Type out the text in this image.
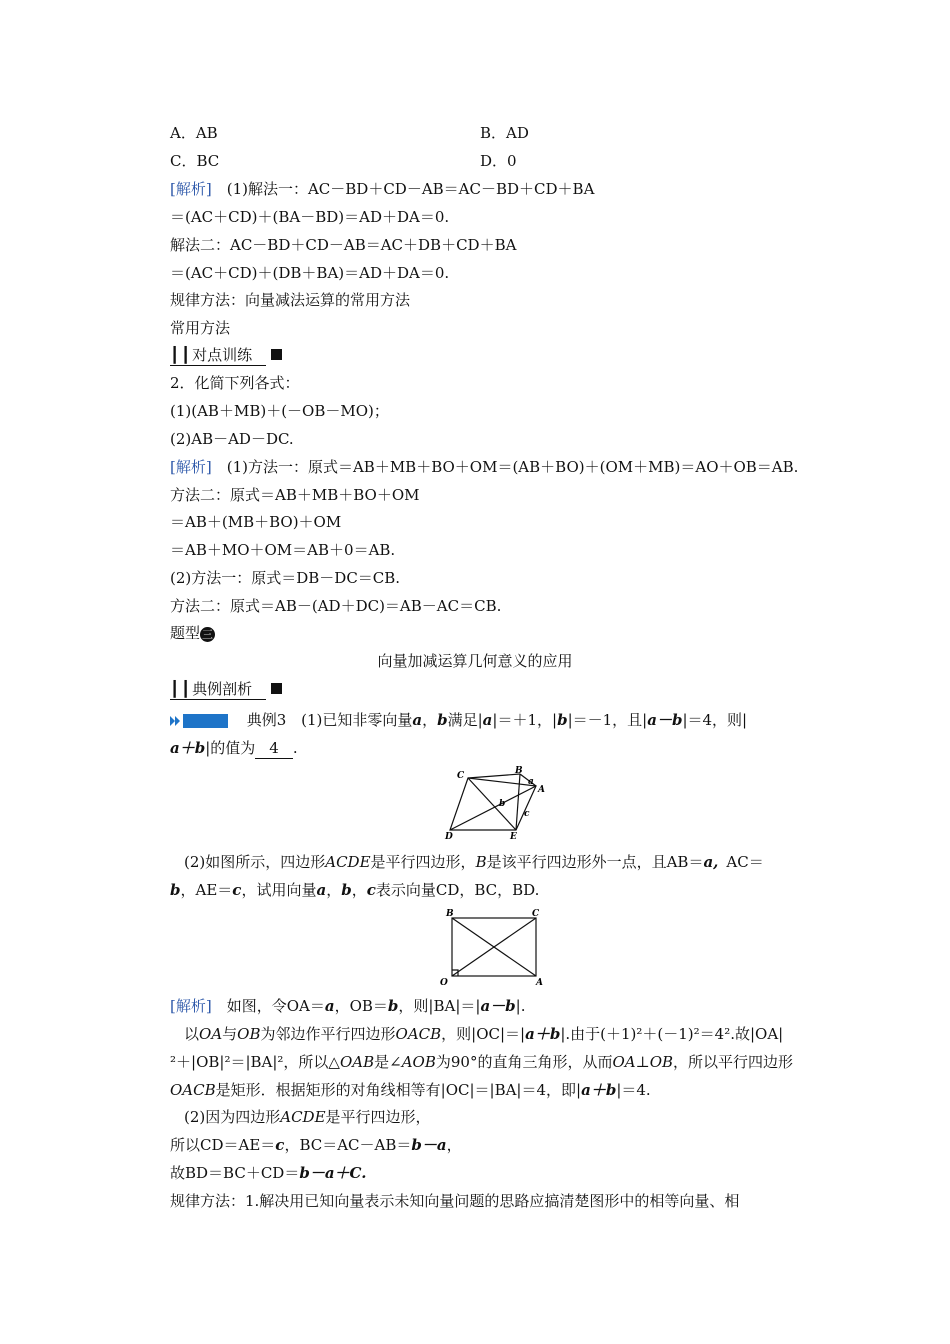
A．AB	B．AD
C．BC	D．0
[解析]　(1)解法一：AC－BD＋CD－AB＝AC－BD＋CD＋BA
＝(AC＋CD)＋(BA－BD)＝AD＋DA＝0.
解法二：AC－BD＋CD－AB＝AC＋DB＋CD＋BA
＝(AC＋CD)＋(DB＋BA)＝AD＋DA＝0.
规律方法：向量减法运算的常用方法
常用方法
┃┃对点训练
2．化简下列各式：
(1)(AB＋MB)＋(－OB－MO)；
(2)AB－AD－DC.
[解析]　(1)方法一：原式＝AB＋MB＋BO＋OM＝(AB＋BO)＋(OM＋MB)＝AO＋OB＝AB.
方法二：原式＝AB＋MB＋BO＋OM
＝AB＋(MB＋BO)＋OM
＝AB＋MO＋OM＝AB＋0＝AB.
(2)方法一：原式＝DB－DC＝CB.
方法二：原式＝AB－(AD＋DC)＝AB－AC＝CB.
题型 三
向量加减运算几何意义的应用
┃┃典例剖析
典例3 (1)已知非零向量a，b满足|a|＝＋1，|b|＝－1，且|a－b|＝4，则|
a＋b|的值为 4 .
B
a
C
A
b
c
D	E
(2)如图所示，四边形ACDE是平行四边形，B是该平行四边形外一点，且AB＝a, AC＝
b，AE＝c，试用向量a，b，c表示向量CD，BC，BD.
B	C
O	A
[解析]　如图，令OA＝a，OB＝b，则|BA|＝|a－b|.
以OA与OB为邻边作平行四边形OACB，则|OC|＝|a＋b|.由于(＋1)²＋(－1)²＝4².故|OA|
²＋|OB|²＝|BA|²，所以△OAB是∠AOB为90°的直角三角形，从而OA⊥OB，所以平行四边形
OACB是矩形．根据矩形的对角线相等有|OC|＝|BA|＝4，即|a＋b|＝4.
(2)因为四边形ACDE是平行四边形，
所以CD＝AE＝c，BC＝AC－AB＝b－a，
故BD＝BC＋CD＝b－a＋C.
规律方法：1.解决用已知向量表示未知向量问题的思路应搞清楚图形中的相等向量、相
